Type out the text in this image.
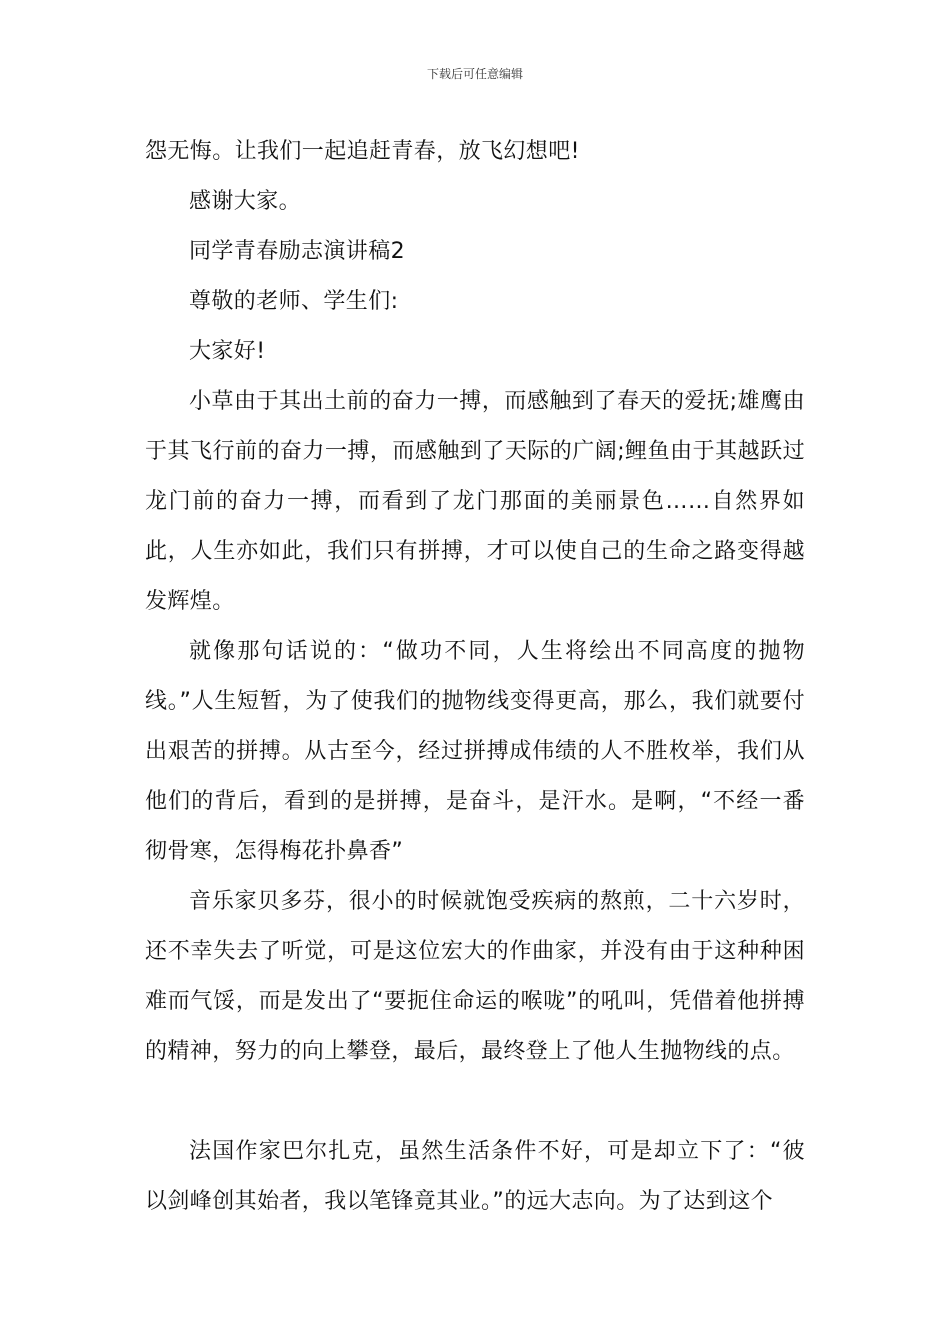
下载后可任意编辑

怨无悔。让我们一起追赶青春，放飞幻想吧!

感谢大家。

同学青春励志演讲稿2

尊敬的老师、学生们:

大家好!

小草由于其出土前的奋力一搏，而感触到了春天的爱抚;雄鹰由于其飞行前的奋力一搏，而感触到了天际的广阔;鲤鱼由于其越跃过龙门前的奋力一搏，而看到了龙门那面的美丽景色……自然界如此，人生亦如此，我们只有拼搏，才可以使自己的生命之路变得越发辉煌。

就像那句话说的：“做功不同，人生将绘出不同高度的抛物线。”人生短暂，为了使我们的抛物线变得更高，那么，我们就要付出艰苦的拼搏。从古至今，经过拼搏成伟绩的人不胜枚举，我们从他们的背后，看到的是拼搏，是奋斗，是汗水。是啊，“不经一番彻骨寒，怎得梅花扑鼻香”

音乐家贝多芬，很小的时候就饱受疾病的熬煎，二十六岁时，还不幸失去了听觉，可是这位宏大的作曲家，并没有由于这种种困难而气馁，而是发出了“要扼住命运的喉咙”的吼叫，凭借着他拼搏的精神，努力的向上攀登，最后，最终登上了他人生抛物线的点。

法国作家巴尔扎克，虽然生活条件不好，可是却立下了：“彼以剑峰创其始者，我以笔锋竟其业。”的远大志向。为了达到这个
